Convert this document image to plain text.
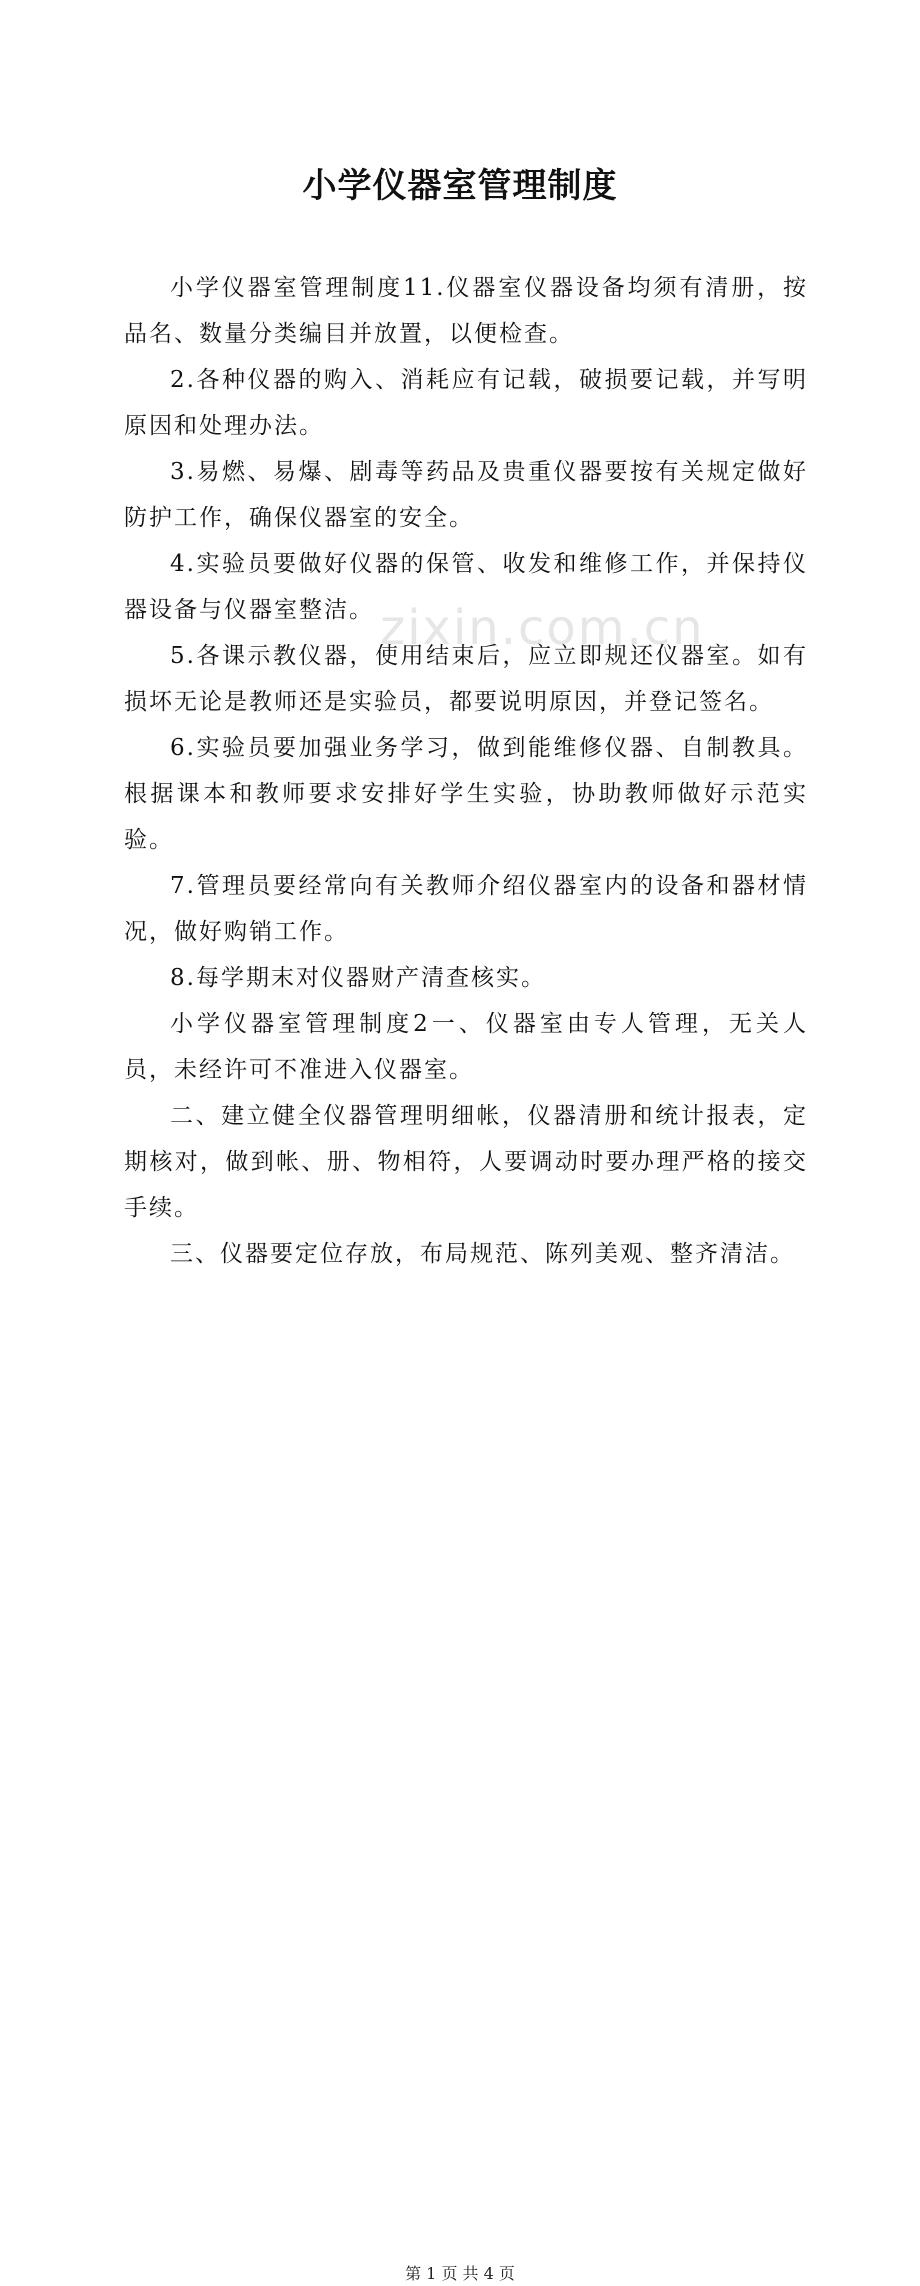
zixin.com.cn
小学仪器室管理制度

小学仪器室管理制度11.仪器室仪器设备均须有清册，按品名、数量分类编目并放置，以便检查。

2.各种仪器的购入、消耗应有记载，破损要记载，并写明原因和处理办法。

3.易燃、易爆、剧毒等药品及贵重仪器要按有关规定做好防护工作，确保仪器室的安全。

4.实验员要做好仪器的保管、收发和维修工作，并保持仪器设备与仪器室整洁。

5.各课示教仪器，使用结束后，应立即规还仪器室。如有损坏无论是教师还是实验员，都要说明原因，并登记签名。

6.实验员要加强业务学习，做到能维修仪器、自制教具。根据课本和教师要求安排好学生实验，协助教师做好示范实验。

7.管理员要经常向有关教师介绍仪器室内的设备和器材情况，做好购销工作。

8.每学期末对仪器财产清查核实。

小学仪器室管理制度2一、仪器室由专人管理，无关人员，未经许可不准进入仪器室。

二、建立健全仪器管理明细帐，仪器清册和统计报表，定期核对，做到帐、册、物相符，人要调动时要办理严格的接交手续。

三、仪器要定位存放，布局规范、陈列美观、整齐清洁。

第 1 页 共 4 页
